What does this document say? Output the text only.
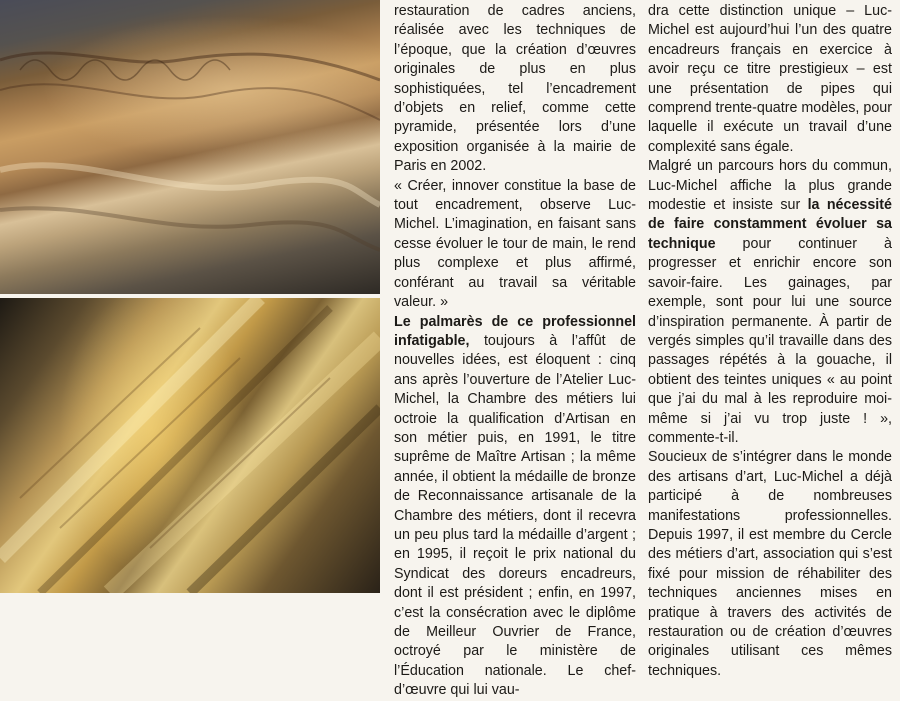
restauration de cadres anciens, réalisée avec les techniques de l’époque, que la création d’œuvres originales de plus en plus sophistiquées, tel l’encadrement d’objets en relief, comme cette pyramide, présentée lors d’une exposition organisée à la mairie de Paris en 2002.

« Créer, innover constitue la base de tout encadrement, observe Luc-Michel. L’imagination, en faisant sans cesse évoluer le tour de main, le rend plus complexe et plus affirmé, conférant au travail sa véritable valeur. »

Le palmarès de ce professionnel infatigable, toujours à l’affût de nouvelles idées, est éloquent : cinq ans après l’ouverture de l’Atelier Luc-Michel, la Chambre des métiers lui octroie la qualification d’Artisan en son métier puis, en 1991, le titre suprême de Maître Artisan ; la même année, il obtient la médaille de bronze de Reconnaissance artisanale de la Chambre des métiers, dont il recevra un peu plus tard la médaille d’argent ; en 1995, il reçoit le prix national du Syndicat des doreurs encadreurs, dont il est président ; enfin, en 1997, c’est la consécration avec le diplôme de Meilleur Ouvrier de France, octroyé par le ministère de l’Éducation nationale. Le chef-d’œuvre qui lui vau-

dra cette distinction unique – Luc-Michel est aujourd’hui l’un des quatre encadreurs français en exercice à avoir reçu ce titre prestigieux – est une présentation de pipes qui comprend trente-quatre modèles, pour laquelle il exécute un travail d’une complexité sans égale.

Malgré un parcours hors du commun, Luc-Michel affiche la plus grande modestie et insiste sur la nécessité de faire constamment évoluer sa technique pour continuer à progresser et enrichir encore son savoir-faire. Les gainages, par exemple, sont pour lui une source d’inspiration permanente. À partir de vergés simples qu’il travaille dans des passages répétés à la gouache, il obtient des teintes uniques « au point que j’ai du mal à les reproduire moi-même si j’ai vu trop juste ! », commente-t-il.

Soucieux de s’intégrer dans le monde des artisans d’art, Luc-Michel a déjà participé à de nombreuses manifestations professionnelles. Depuis 1997, il est membre du Cercle des métiers d’art, association qui s’est fixé pour mission de réhabiliter des techniques anciennes mises en pratique à travers des activités de restauration ou de création d’œuvres originales utilisant ces mêmes techniques.
